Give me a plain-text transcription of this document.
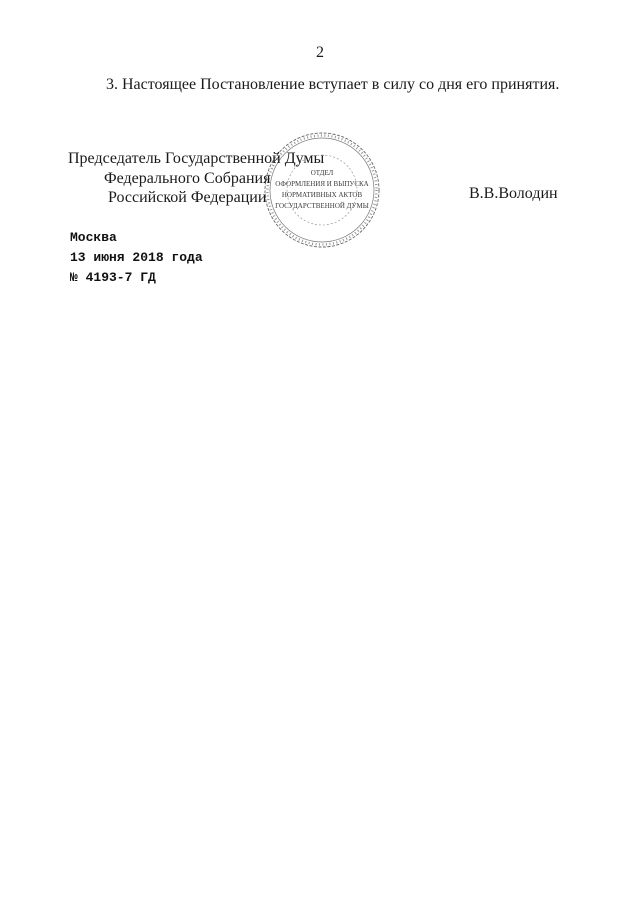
2
3. Настоящее Постановление вступает в силу со дня его принятия.
ОТДЕЛ
ОФОРМЛЕНИЯ И ВЫПУСКА
НОРМАТИВНЫХ АКТОВ
ГОСУДАРСТВЕННОЙ ДУМЫ
Председатель Государственной Думы
Федерального Собрания
Российской Федерации	В.В.Володин
Москва
13 июня 2018 года
№ 4193-7 ГД
